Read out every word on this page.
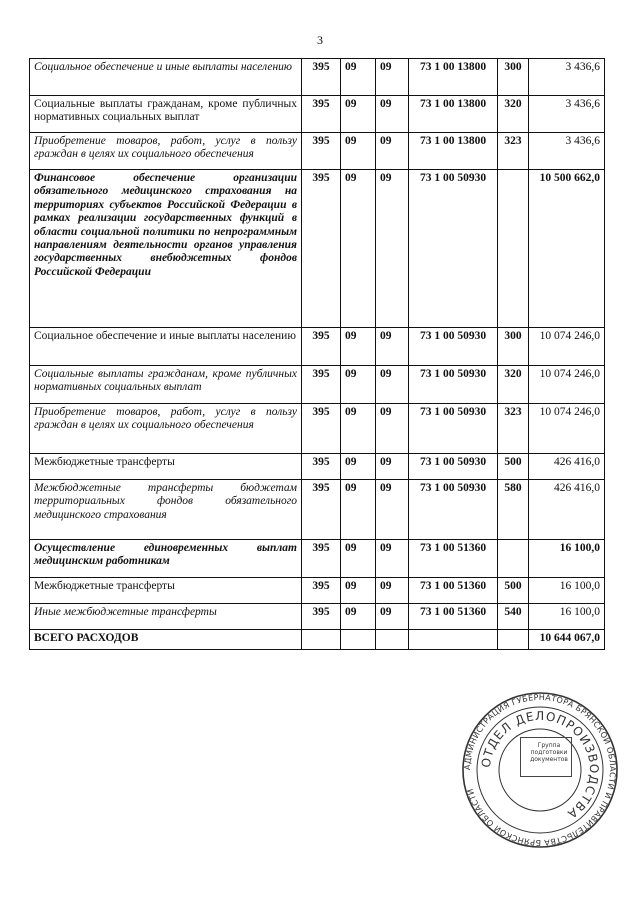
3
Социальное обеспечение и иные выплаты населению	395	09	09	73 1 00 13800	300	3 436,6
Социальные выплаты гражданам, кроме публичных нормативных социальных выплат	395	09	09	73 1 00 13800	320	3 436,6
Приобретение товаров, работ, услуг в пользу граждан в целях их социального обеспечения	395	09	09	73 1 00 13800	323	3 436,6
Финансовое обеспечение организации обязательного медицинского страхования на территориях субъектов Российской Федерации в рамках реализации государственных функций в области социальной политики по непрограммным направлениям деятельности органов управления государственных внебюджетных фондов Российской Федерации	395	09	09	73 1 00 50930		10 500 662,0
Социальное обеспечение и иные выплаты населению	395	09	09	73 1 00 50930	300	10 074 246,0
Социальные выплаты гражданам, кроме публичных нормативных социальных выплат	395	09	09	73 1 00 50930	320	10 074 246,0
Приобретение товаров, работ, услуг в пользу граждан в целях их социального обеспечения	395	09	09	73 1 00 50930	323	10 074 246,0
Межбюджетные трансферты	395	09	09	73 1 00 50930	500	426 416,0
Межбюджетные трансферты бюджетам территориальных фондов обязательного медицинского страхования	395	09	09	73 1 00 50930	580	426 416,0
Осуществление единовременных выплат медицинским работникам	395	09	09	73 1 00 51360		16 100,0
Межбюджетные трансферты	395	09	09	73 1 00 51360	500	16 100,0
Иные межбюджетные трансферты	395	09	09	73 1 00 51360	540	16 100,0
ВСЕГО РАСХОДОВ						10 644 067,0
АДМИНИСТРАЦИЯ ГУБЕРНАТОРА БРЯНСКОЙ ОБЛАСТИ И ПРАВИТЕЛЬСТВА БРЯНСКОЙ ОБЛАСТИ
ОТДЕЛ ДЕЛОПРОИЗВОДСТВА
Группа
подготовки
документов
